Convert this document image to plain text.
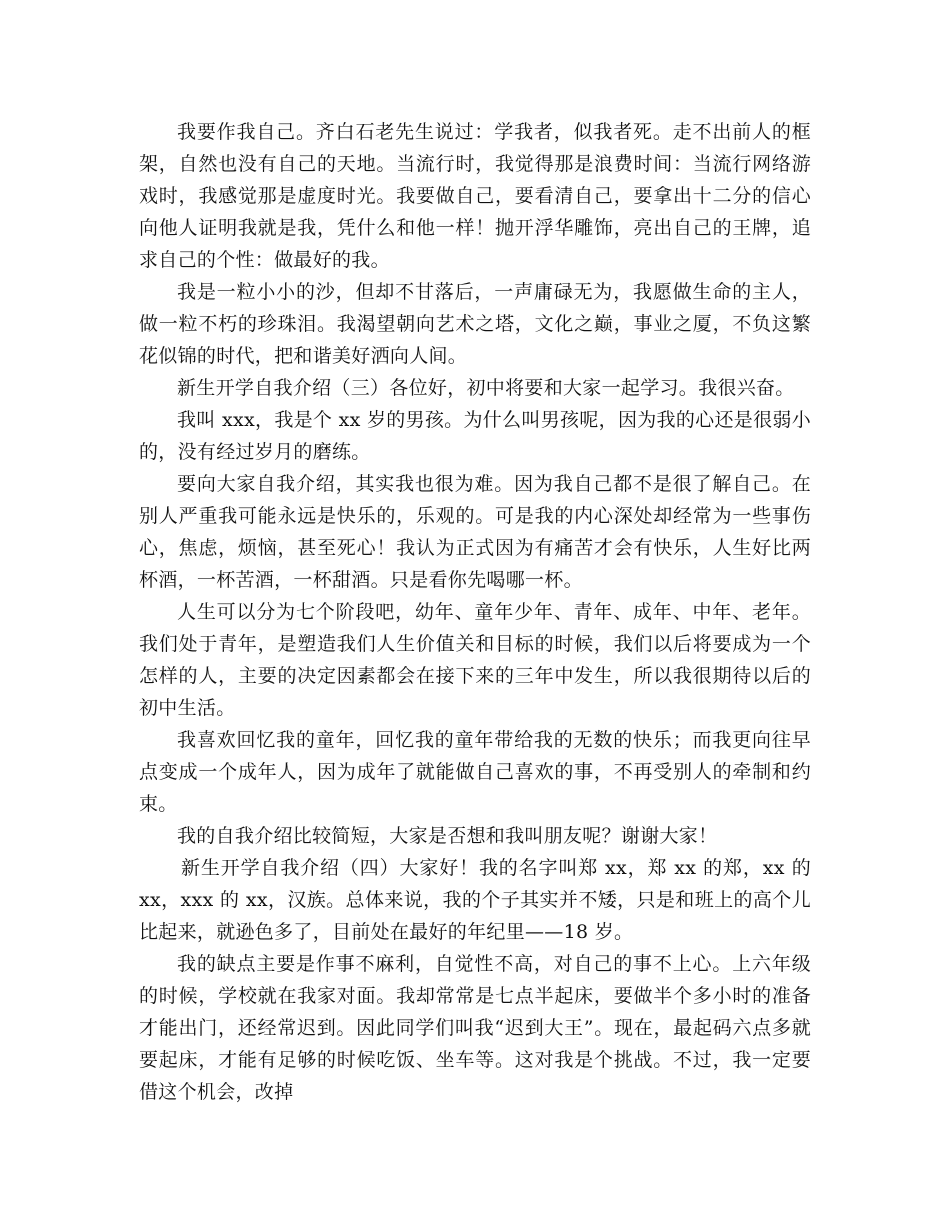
我要作我自己。齐白石老先生说过：学我者，似我者死。走不出前人的框架，自然也没有自己的天地。当流行时，我觉得那是浪费时间：当流行网络游戏时，我感觉那是虚度时光。我要做自己，要看清自己，要拿出十二分的信心向他人证明我就是我，凭什么和他一样！抛开浮华雕饰，亮出自己的王牌，追求自己的个性：做最好的我。

我是一粒小小的沙，但却不甘落后，一声庸碌无为，我愿做生命的主人，做一粒不朽的珍珠泪。我渴望朝向艺术之塔，文化之巅，事业之厦，不负这繁花似锦的时代，把和谐美好洒向人间。

新生开学自我介绍（三）各位好，初中将要和大家一起学习。我很兴奋。

我叫 xxx，我是个 xx 岁的男孩。为什么叫男孩呢，因为我的心还是很弱小的，没有经过岁月的磨练。

要向大家自我介绍，其实我也很为难。因为我自己都不是很了解自己。在别人严重我可能永远是快乐的，乐观的。可是我的内心深处却经常为一些事伤心，焦虑，烦恼，甚至死心！我认为正式因为有痛苦才会有快乐，人生好比两杯酒，一杯苦酒，一杯甜酒。只是看你先喝哪一杯。

人生可以分为七个阶段吧，幼年、童年少年、青年、成年、中年、老年。我们处于青年，是塑造我们人生价值关和目标的时候，我们以后将要成为一个怎样的人，主要的决定因素都会在接下来的三年中发生，所以我很期待以后的初中生活。

我喜欢回忆我的童年，回忆我的童年带给我的无数的快乐；而我更向往早点变成一个成年人，因为成年了就能做自己喜欢的事，不再受别人的牵制和约束。

我的自我介绍比较简短，大家是否想和我叫朋友呢？谢谢大家！

新生开学自我介绍（四）大家好！我的名字叫郑 xx，郑 xx 的郑，xx 的 xx，xxx 的 xx，汉族。总体来说，我的个子其实并不矮，只是和班上的高个儿比起来，就逊色多了，目前处在最好的年纪里——18 岁。

我的缺点主要是作事不麻利，自觉性不高，对自己的事不上心。上六年级的时候，学校就在我家对面。我却常常是七点半起床，要做半个多小时的准备才能出门，还经常迟到。因此同学们叫我“迟到大王”。现在，最起码六点多就要起床，才能有足够的时候吃饭、坐车等。这对我是个挑战。不过，我一定要借这个机会，改掉
